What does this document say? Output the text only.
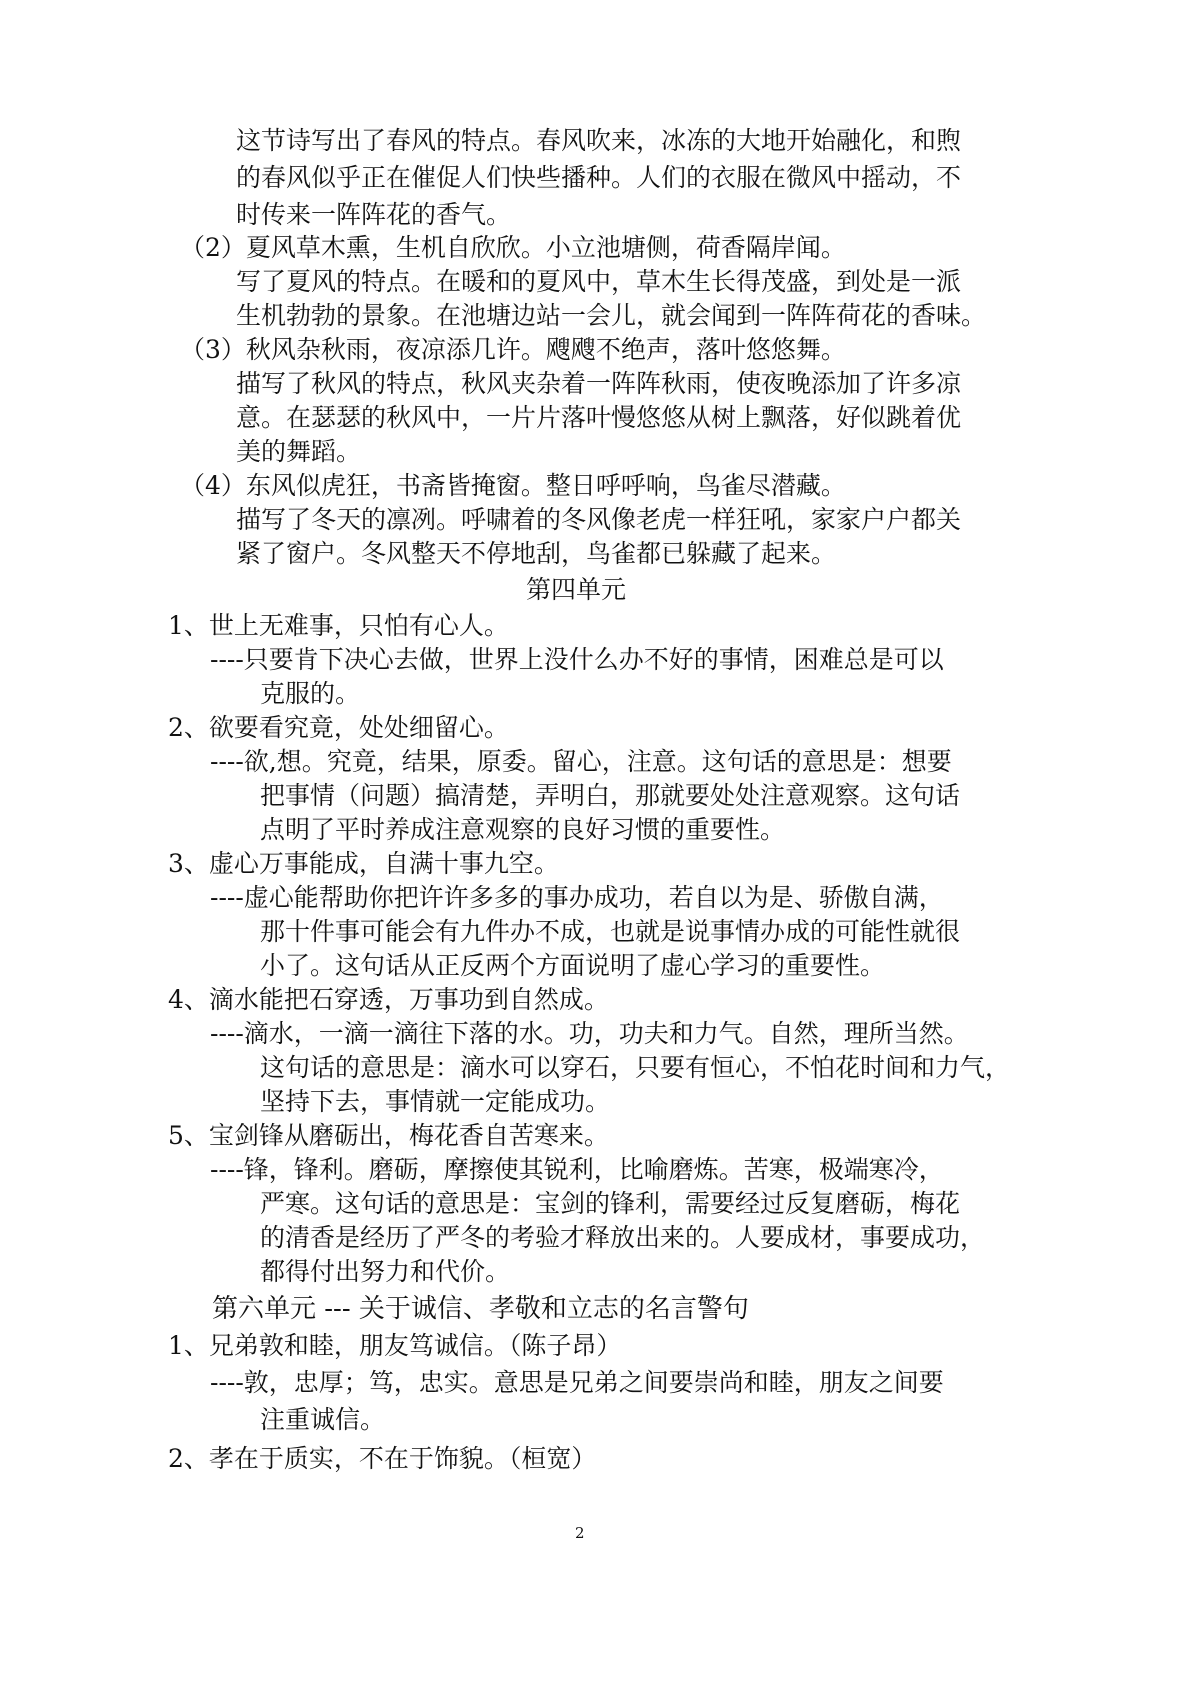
这节诗写出了春风的特点。春风吹来，冰冻的大地开始融化，和煦
的春风似乎正在催促人们快些播种。人们的衣服在微风中摇动，不
时传来一阵阵花的香气。
（2）夏风草木熏，生机自欣欣。小立池塘侧，荷香隔岸闻。
写了夏风的特点。在暖和的夏风中，草木生长得茂盛，到处是一派
生机勃勃的景象。在池塘边站一会儿，就会闻到一阵阵荷花的香味。
（3）秋风杂秋雨，夜凉添几许。飕飕不绝声，落叶悠悠舞。
描写了秋风的特点，秋风夹杂着一阵阵秋雨，使夜晚添加了许多凉
意。在瑟瑟的秋风中，一片片落叶慢悠悠从树上飘落，好似跳着优
美的舞蹈。
（4）东风似虎狂，书斋皆掩窗。整日呼呼响，鸟雀尽潜藏。
描写了冬天的凛冽。呼啸着的冬风像老虎一样狂吼，家家户户都关
紧了窗户。冬风整天不停地刮，鸟雀都已躲藏了起来。
第四单元
1、世上无难事，只怕有心人。
----只要肯下决心去做，世界上没什么办不好的事情，困难总是可以
克服的。
2、欲要看究竟，处处细留心。
----欲,想。究竟，结果，原委。留心，注意。这句话的意思是：想要
把事情（问题）搞清楚，弄明白，那就要处处注意观察。这句话
点明了平时养成注意观察的良好习惯的重要性。
3、虚心万事能成，自满十事九空。
----虚心能帮助你把许许多多的事办成功，若自以为是、骄傲自满，
那十件事可能会有九件办不成，也就是说事情办成的可能性就很
小了。这句话从正反两个方面说明了虚心学习的重要性。
4、滴水能把石穿透，万事功到自然成。
----滴水，一滴一滴往下落的水。功，功夫和力气。自然，理所当然。
这句话的意思是：滴水可以穿石，只要有恒心，不怕花时间和力气，
坚持下去，事情就一定能成功。
5、宝剑锋从磨砺出，梅花香自苦寒来。
----锋，锋利。磨砺，摩擦使其锐利，比喻磨炼。苦寒，极端寒冷，
严寒。这句话的意思是：宝剑的锋利，需要经过反复磨砺，梅花
的清香是经历了严冬的考验才释放出来的。人要成材，事要成功，
都得付出努力和代价。
第六单元 --- 关于诚信、孝敬和立志的名言警句
1、兄弟敦和睦，朋友笃诚信。（陈子昂）
----敦，忠厚；笃，忠实。意思是兄弟之间要崇尚和睦，朋友之间要
注重诚信。
2、孝在于质实，不在于饰貌。（桓宽）
2
